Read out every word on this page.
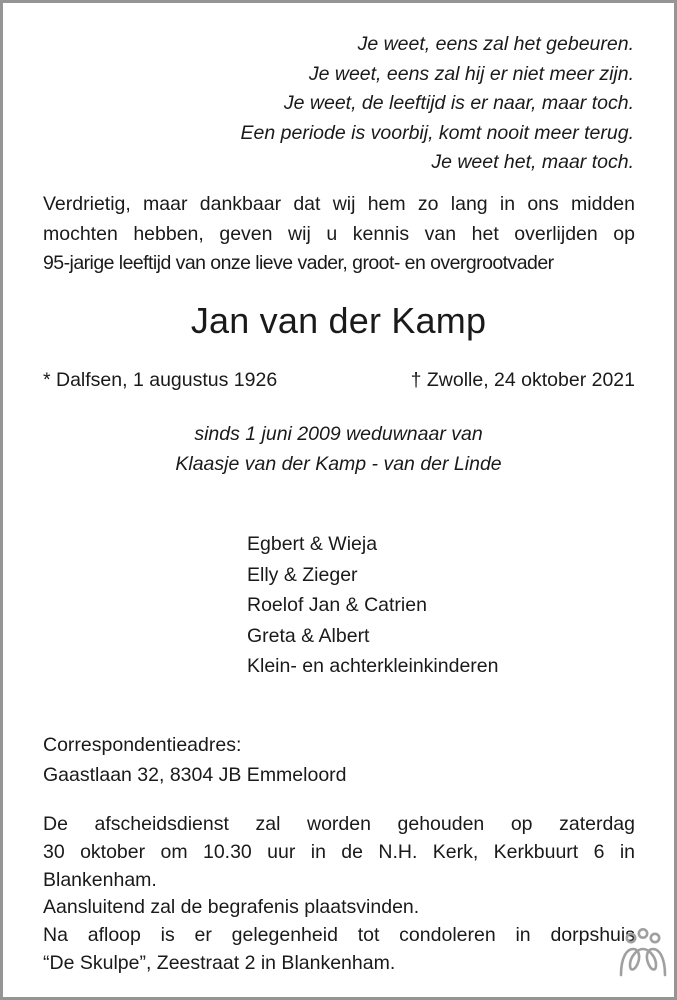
Je weet, eens zal het gebeuren.
Je weet, eens zal hij er niet meer zijn.
Je weet, de leeftijd is er naar, maar toch.
Een periode is voorbij, komt nooit meer terug.
Je weet het, maar toch.
Verdrietig, maar dankbaar dat wij hem zo lang in ons midden
mochten hebben, geven wij u kennis van het overlijden op
95-jarige leeftijd van onze lieve vader, groot- en overgrootvader
Jan van der Kamp
* Dalfsen, 1 augustus 1926	† Zwolle, 24 oktober 2021
sinds 1 juni 2009 weduwnaar van
Klaasje van der Kamp - van der Linde
Egbert & Wieja
Elly & Zieger
Roelof Jan & Catrien
Greta & Albert
Klein- en achterkleinkinderen
Correspondentieadres:
Gaastlaan 32, 8304 JB Emmeloord
De afscheidsdienst zal worden gehouden op zaterdag
30 oktober om 10.30 uur in de N.H. Kerk, Kerkbuurt 6 in
Blankenham.
Aansluitend zal de begrafenis plaatsvinden.
Na afloop is er gelegenheid tot condoleren in dorpshuis
“De Skulpe”, Zeestraat 2 in Blankenham.
